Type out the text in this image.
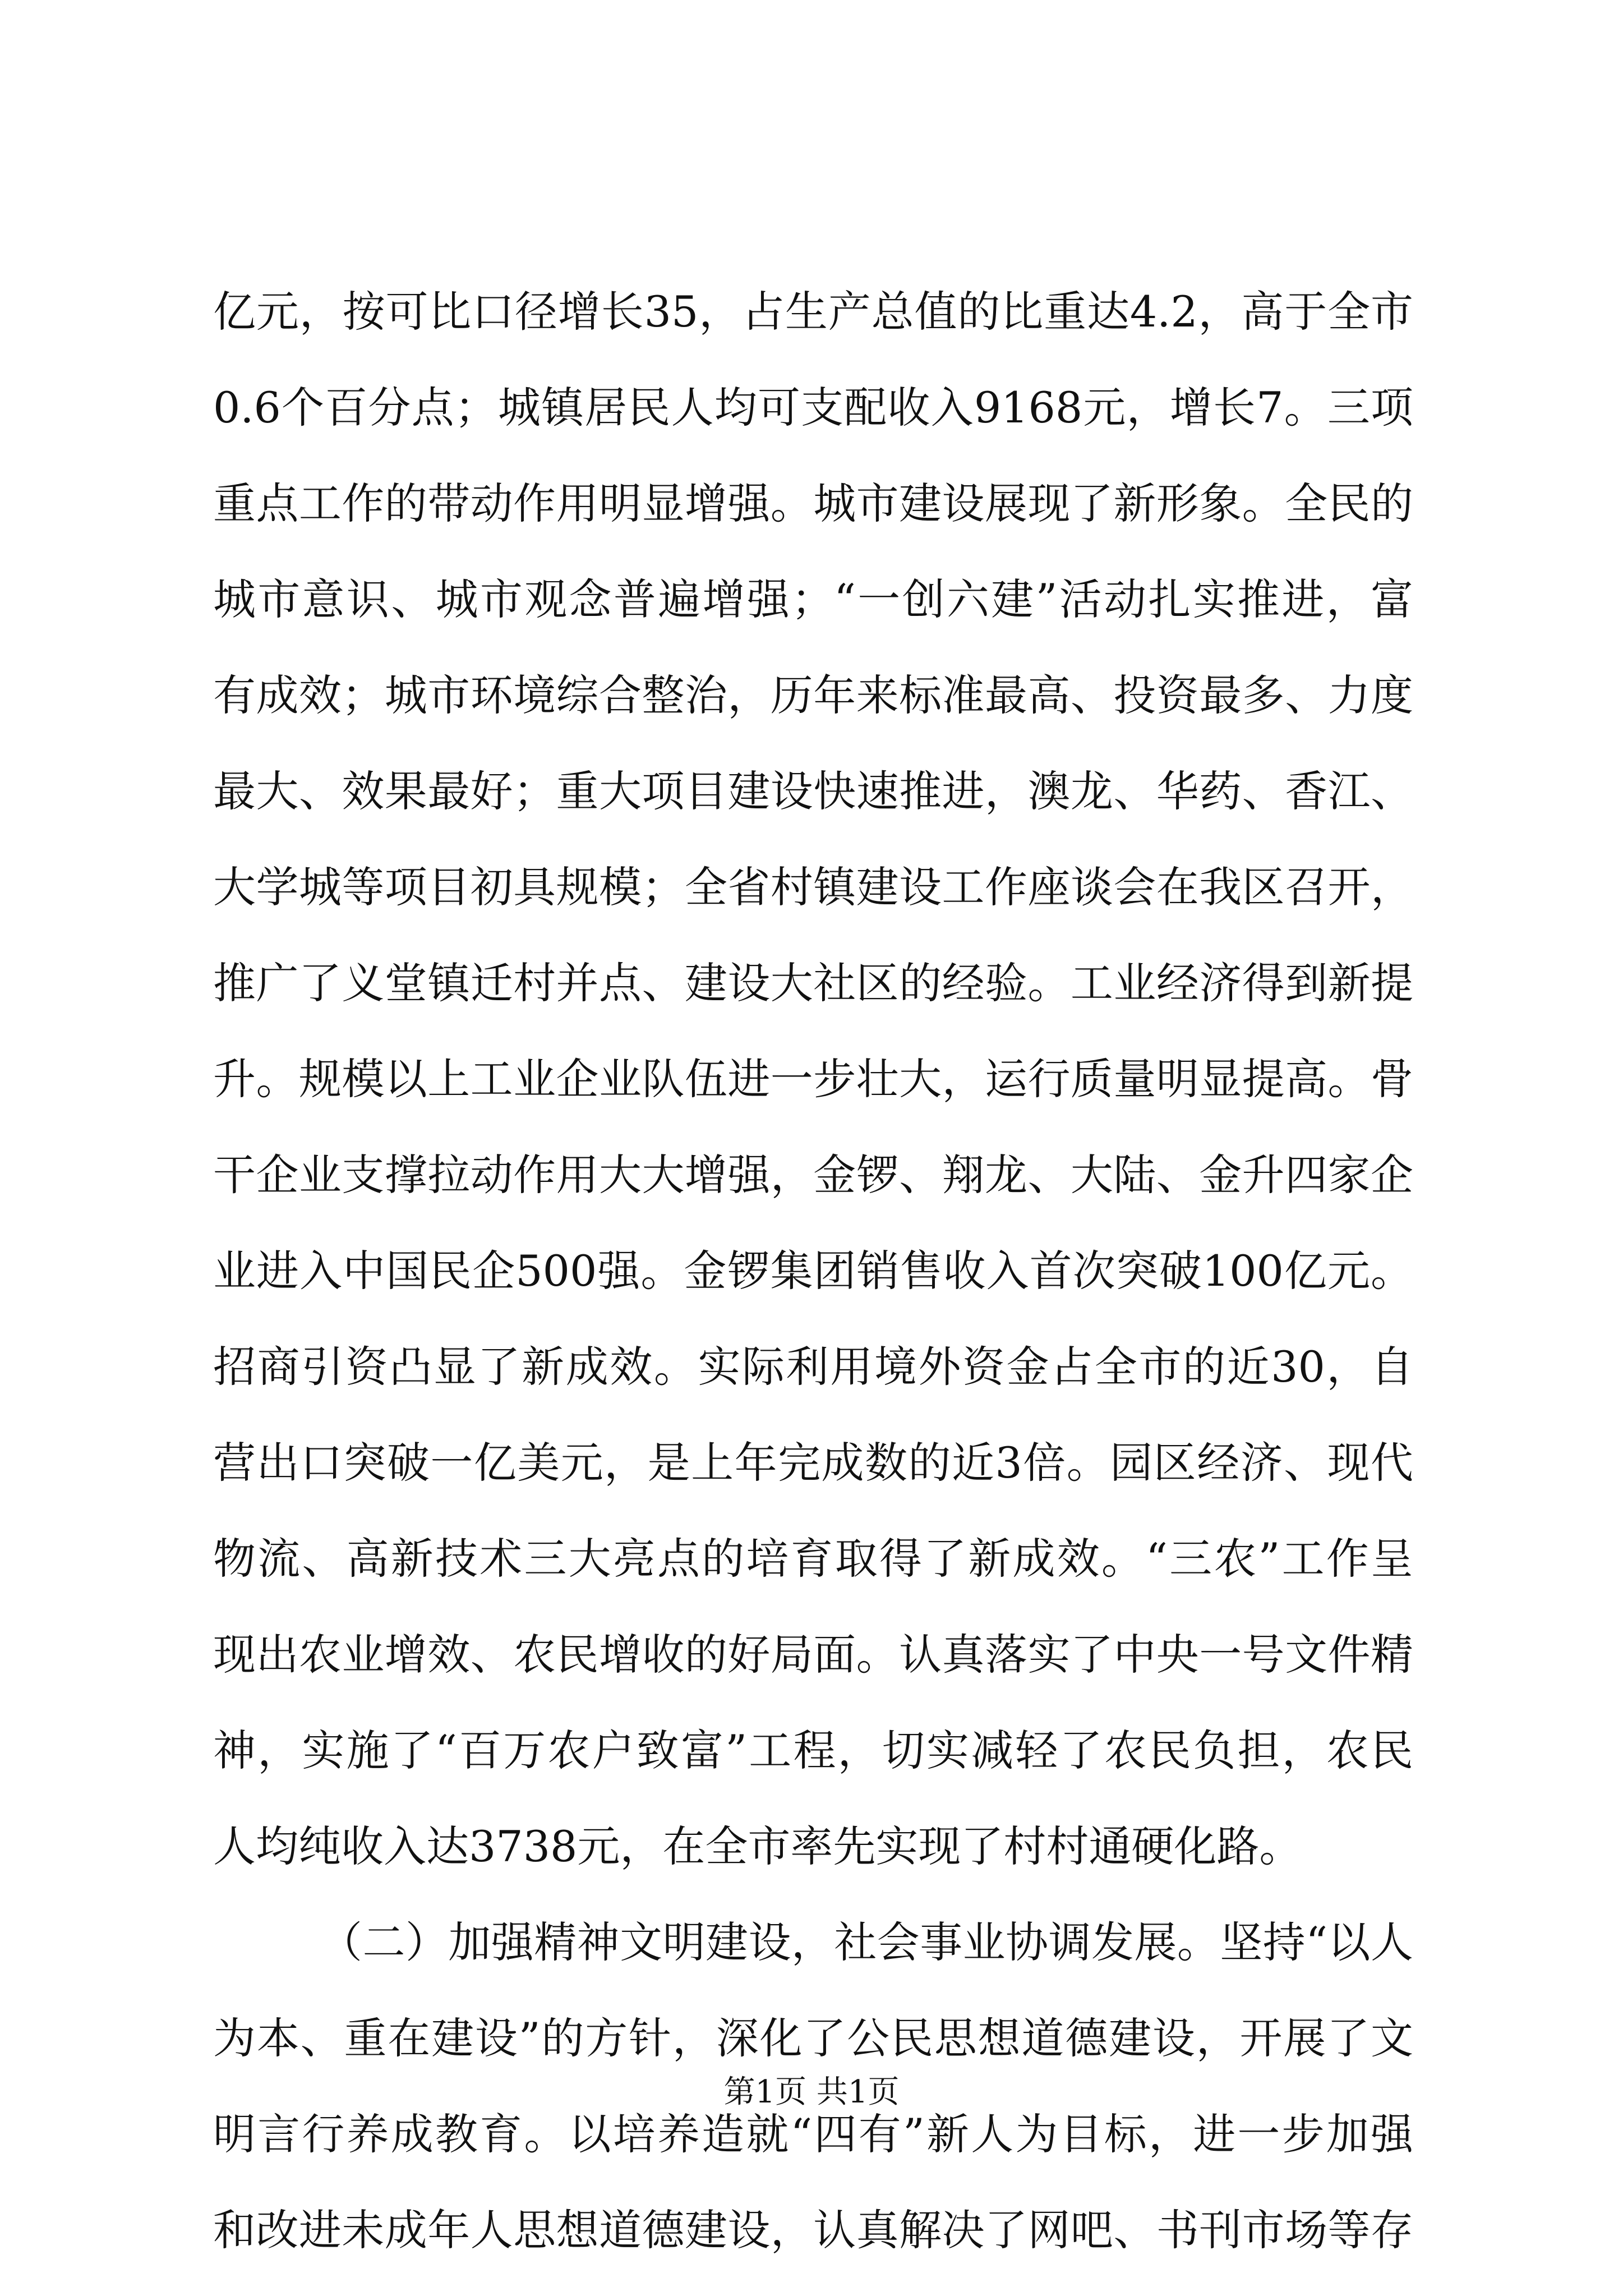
亿元，按可比口径增长35，占生产总值的比重达4.2，高于全市
0.6个百分点；城镇居民人均可支配收入9168元，增长7。三项
重点工作的带动作用明显增强。城市建设展现了新形象。全民的
城市意识、城市观念普遍增强；“一创六建”活动扎实推进，富
有成效；城市环境综合整治，历年来标准最高、投资最多、力度
最大、效果最好；重大项目建设快速推进，澳龙、华药、香江、
大学城等项目初具规模；全省村镇建设工作座谈会在我区召开，
推广了义堂镇迁村并点、建设大社区的经验。工业经济得到新提
升。规模以上工业企业队伍进一步壮大，运行质量明显提高。骨
干企业支撑拉动作用大大增强，金锣、翔龙、大陆、金升四家企
业进入中国民企500强。金锣集团销售收入首次突破100亿元。
招商引资凸显了新成效。实际利用境外资金占全市的近30，自
营出口突破一亿美元，是上年完成数的近3倍。园区经济、现代
物流、高新技术三大亮点的培育取得了新成效。“三农”工作呈
现出农业增效、农民增收的好局面。认真落实了中央一号文件精
神，实施了“百万农户致富”工程，切实减轻了农民负担，农民
人均纯收入达3738元，在全市率先实现了村村通硬化路。
（二）加强精神文明建设，社会事业协调发展。坚持“以人
为本、重在建设”的方针，深化了公民思想道德建设，开展了文
明言行养成教育。以培养造就“四有”新人为目标，进一步加强
和改进未成年人思想道德建设，认真解决了网吧、书刊市场等存
第1页 共1页
